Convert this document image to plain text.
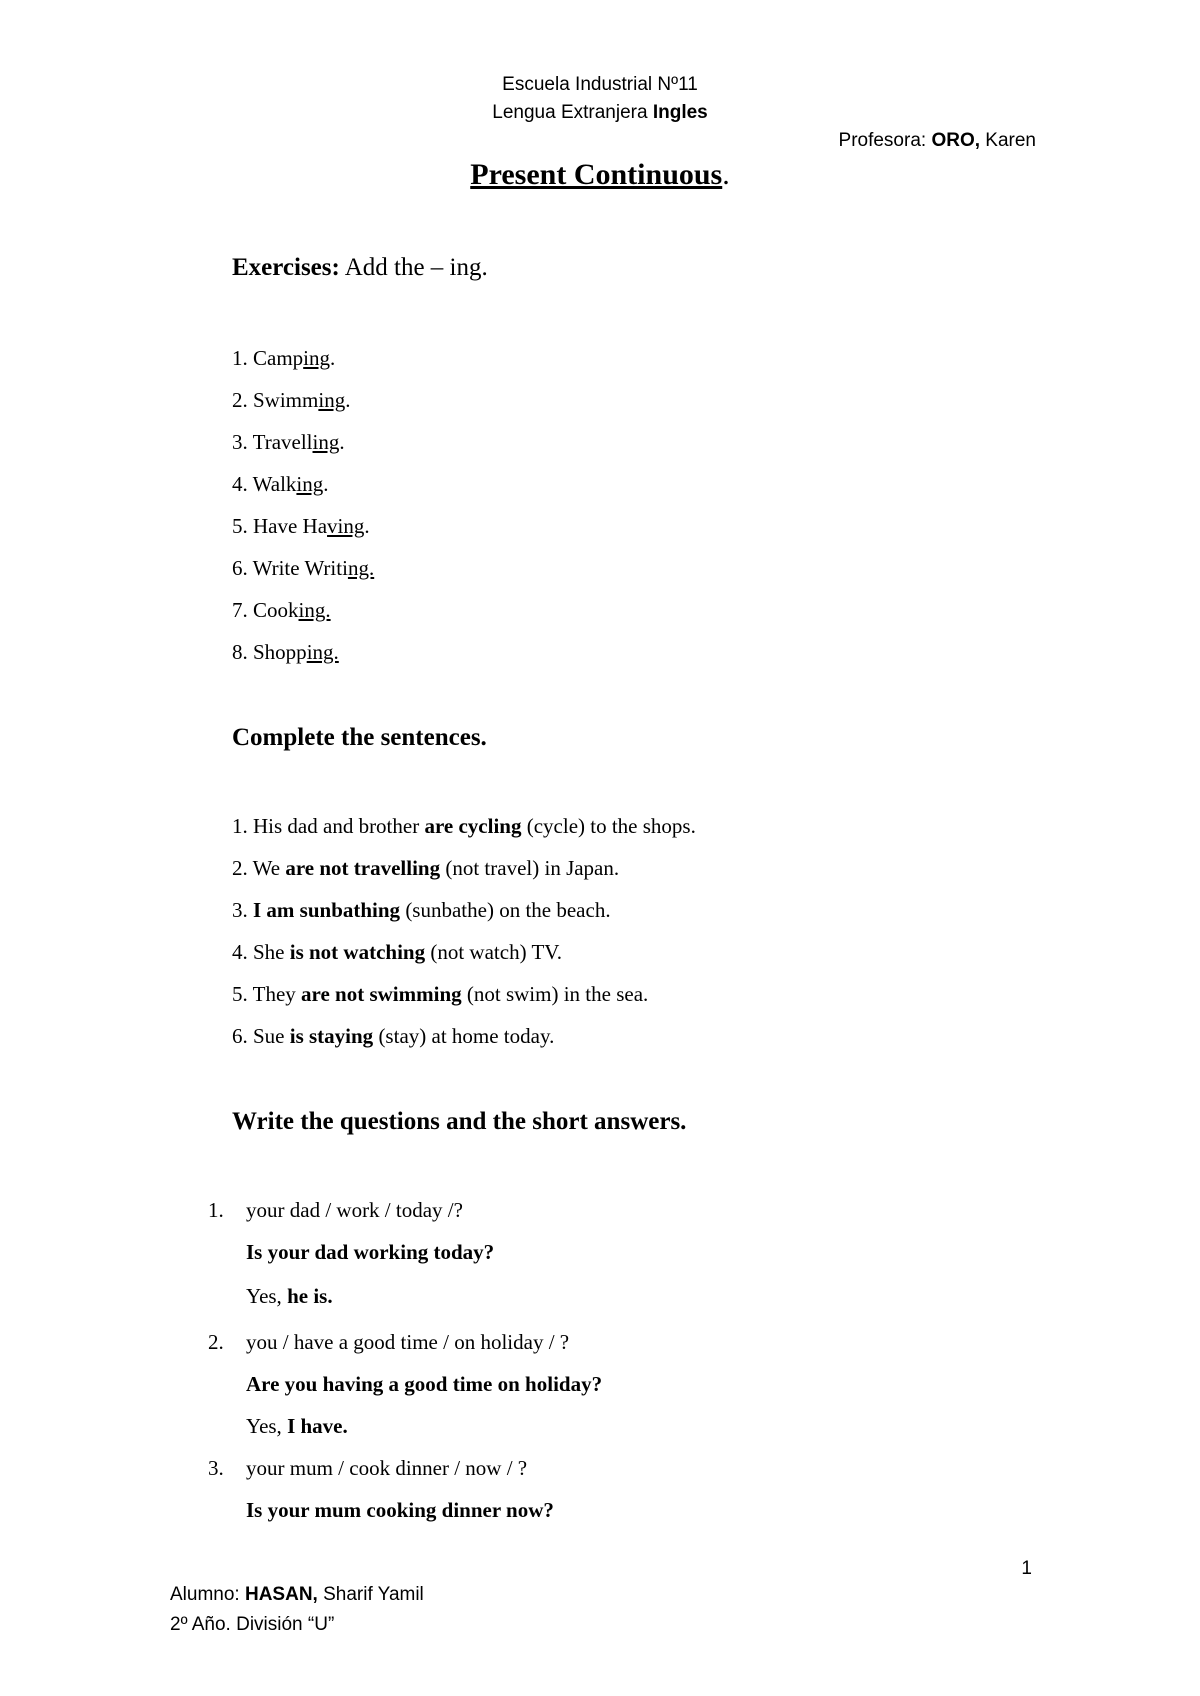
Escuela Industrial Nº11
Lengua Extranjera Ingles
Profesora: ORO, Karen
Present Continuous.
Exercises: Add the – ing.
1. Camping.
2. Swimming.
3. Travelling.
4. Walking.
5. Have Having.
6. Write Writing.
7. Cooking.
8. Shopping.
Complete the sentences.
1. His dad and brother are cycling (cycle) to the shops.
2. We are not travelling (not travel) in Japan.
3. I am sunbathing (sunbathe) on the beach.
4. She is not watching (not watch) TV.
5. They are not swimming (not swim) in the sea.
6. Sue is staying (stay) at home today.
Write the questions and the short answers.
1. your dad / work / today /?
Is your dad working today?
Yes, he is.
2. you / have a good time / on holiday / ?
Are you having a good time on holiday?
Yes, I have.
3. your mum / cook dinner / now / ?
Is your mum cooking dinner now?
1
Alumno: HASAN, Sharif Yamil
2º Año. División “U”
